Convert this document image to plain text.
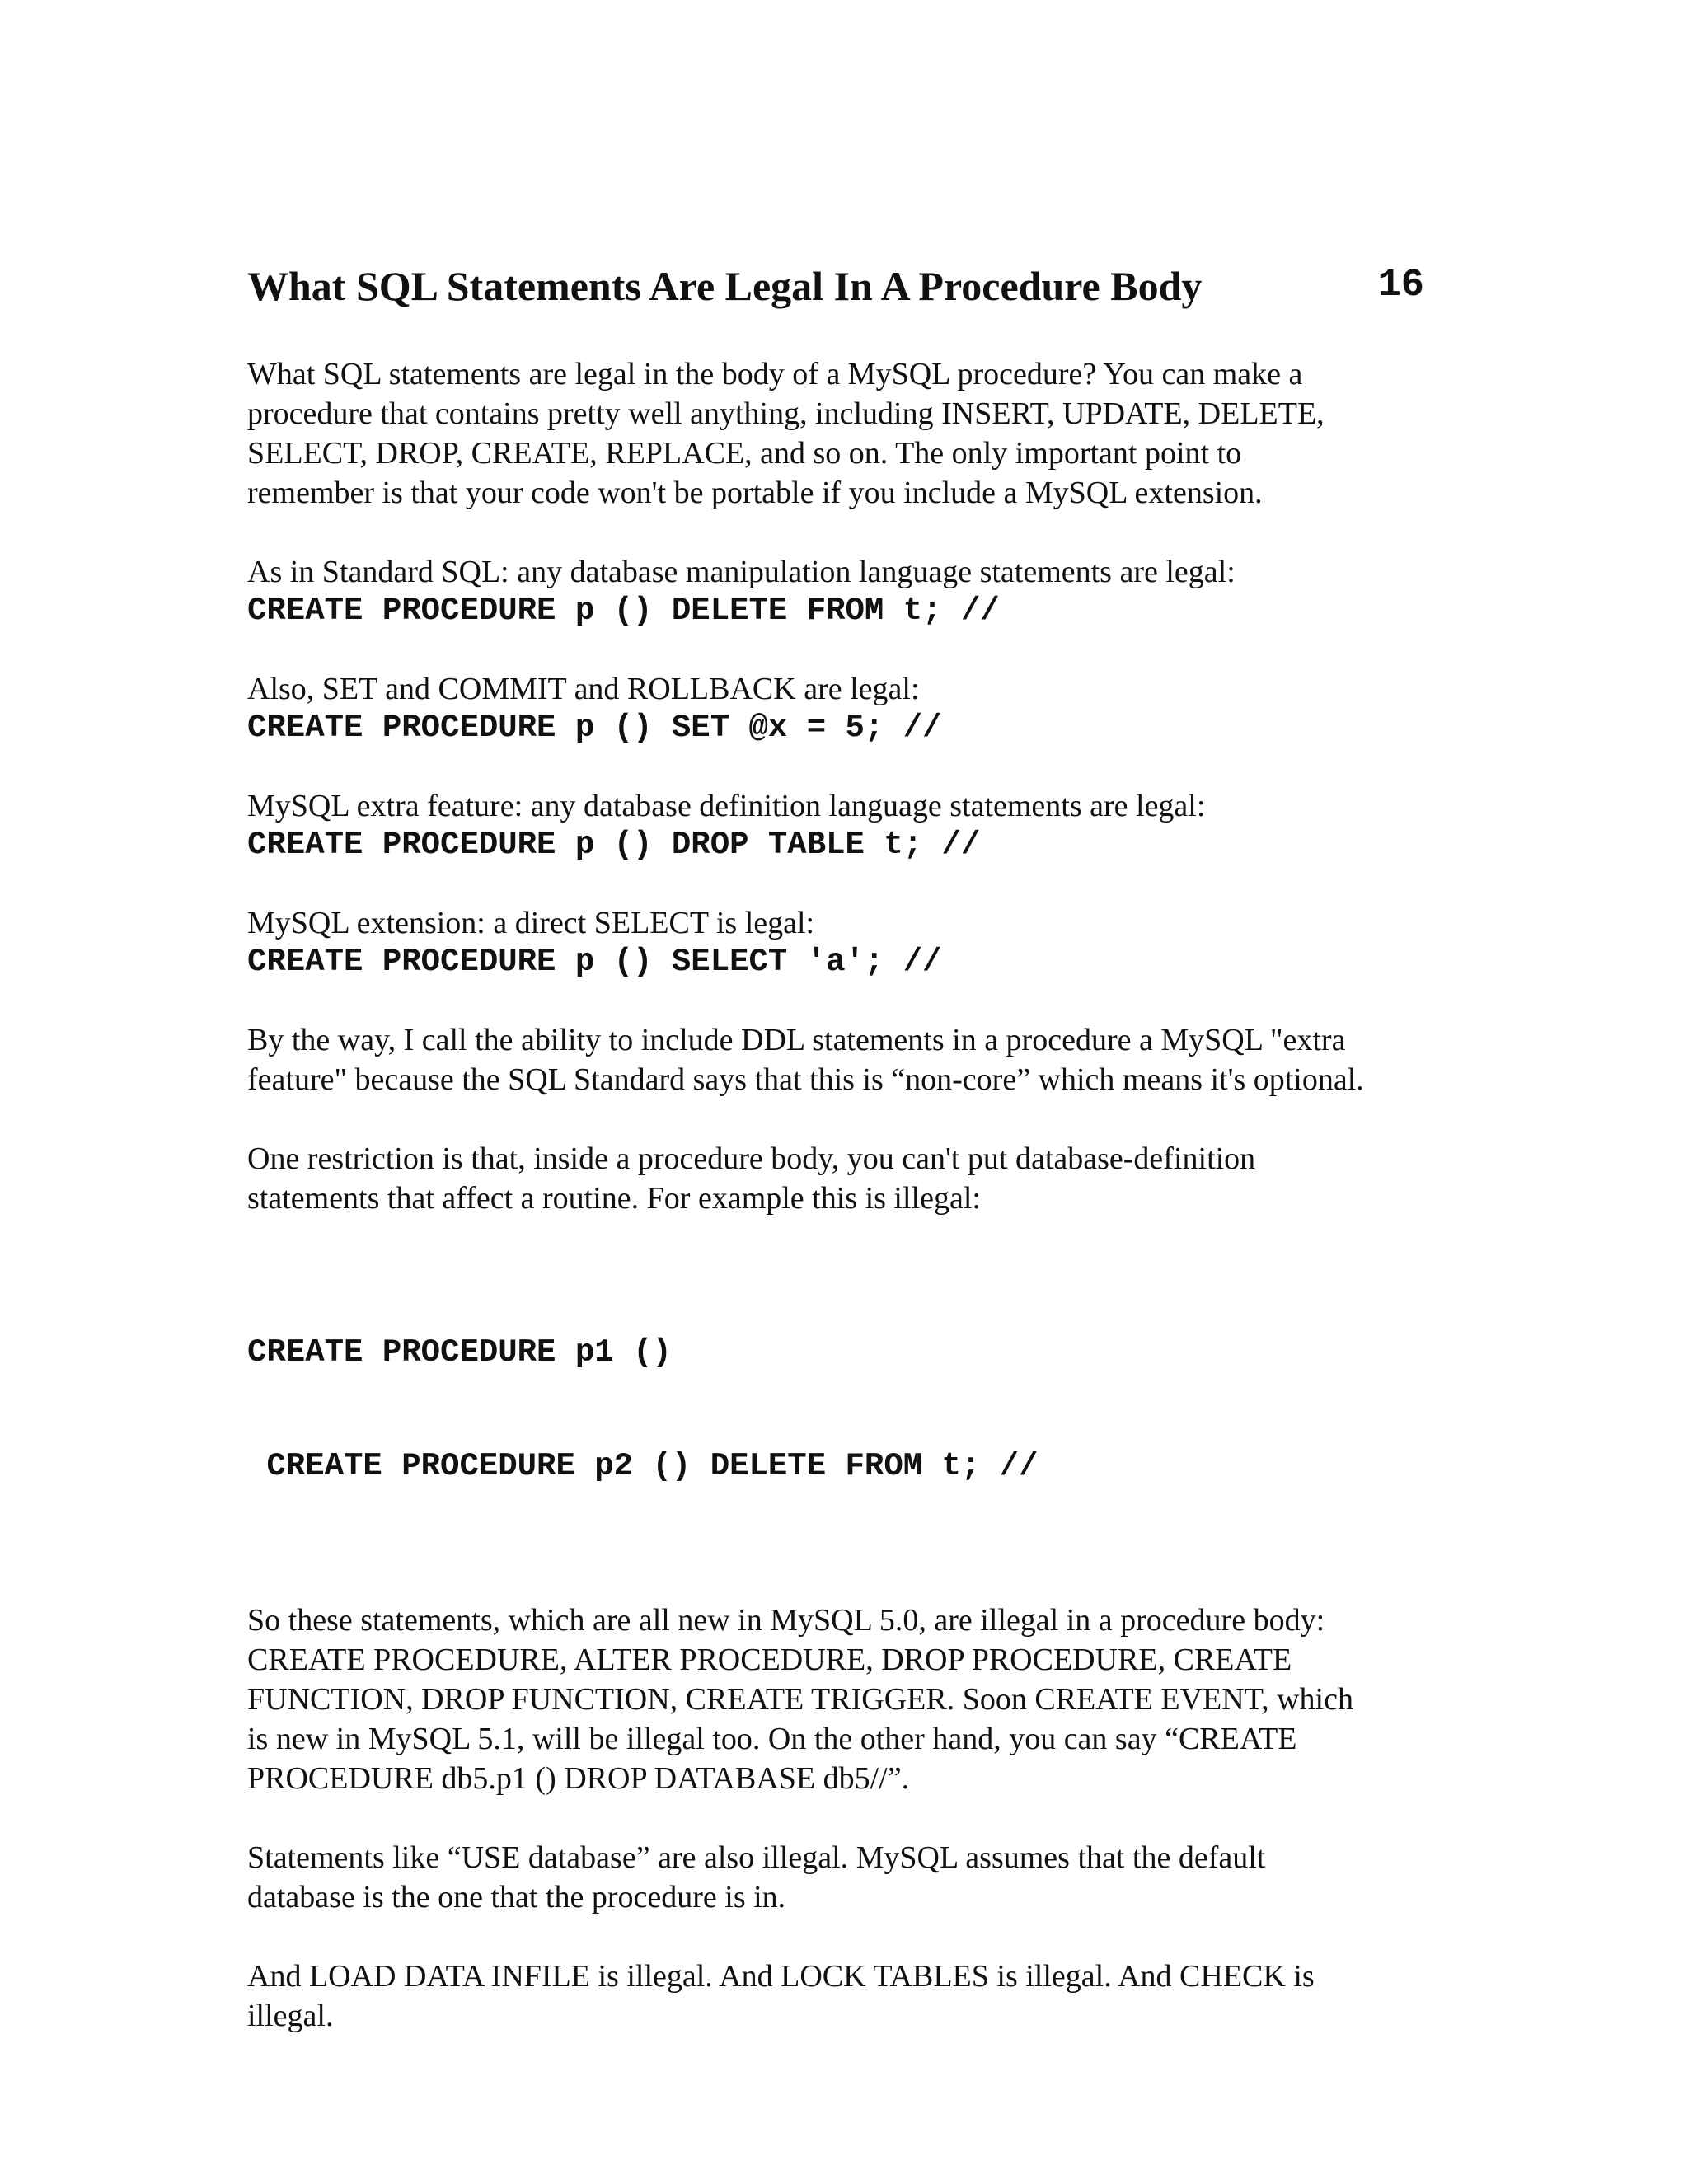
What SQL Statements Are Legal In A Procedure Body	16
What SQL statements are legal in the body of a MySQL procedure? You can make a
procedure that contains pretty well anything, including INSERT, UPDATE, DELETE,
SELECT, DROP, CREATE, REPLACE, and so on. The only important point to
remember is that your code won't be portable if you include a MySQL extension.
As in Standard SQL: any database manipulation language statements are legal:
CREATE PROCEDURE p () DELETE FROM t; //
Also, SET and COMMIT and ROLLBACK are legal:
CREATE PROCEDURE p () SET @x = 5; //
MySQL extra feature: any database definition language statements are legal:
CREATE PROCEDURE p () DROP TABLE t; //
MySQL extension: a direct SELECT is legal:
CREATE PROCEDURE p () SELECT 'a'; //
By the way, I call the ability to include DDL statements in a procedure a MySQL "extra
feature" because the SQL Standard says that this is “non-core” which means it's optional.
One restriction is that, inside a procedure body, you can't put database-definition
statements that affect a routine. For example this is illegal:

CREATE PROCEDURE p1 ()

CREATE PROCEDURE p2 () DELETE FROM t; //

So these statements, which are all new in MySQL 5.0, are illegal in a procedure body:
CREATE PROCEDURE, ALTER PROCEDURE, DROP PROCEDURE, CREATE
FUNCTION, DROP FUNCTION, CREATE TRIGGER. Soon CREATE EVENT, which
is new in MySQL 5.1, will be illegal too. On the other hand, you can say “CREATE
PROCEDURE db5.p1 () DROP DATABASE db5//”.
Statements like “USE database” are also illegal. MySQL assumes that the default
database is the one that the procedure is in.
And LOAD DATA INFILE is illegal. And LOCK TABLES is illegal. And CHECK is
illegal.
